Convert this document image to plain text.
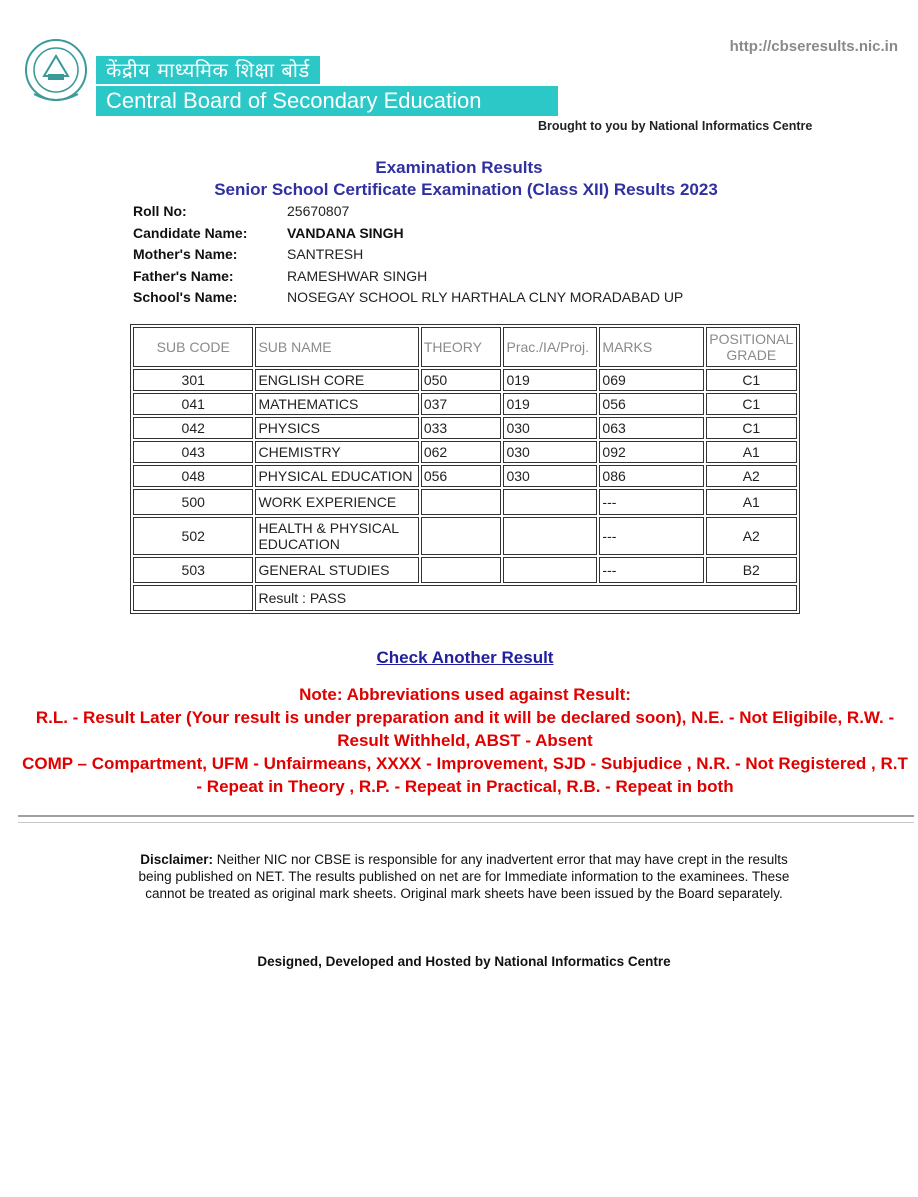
केंद्रीय माध्यमिक शिक्षा बोर्ड
Central Board of Secondary Education
http://cbseresults.nic.in
Brought to you by National Informatics Centre
Examination Results
Senior School Certificate Examination (Class XII) Results 2023
Roll No:	25670807
Candidate Name:	VANDANA SINGH
Mother's Name:	SANTRESH
Father's Name:	RAMESHWAR SINGH
School's Name:	NOSEGAY SCHOOL RLY HARTHALA CLNY MORADABAD UP
SUB CODE	SUB NAME	THEORY	Prac./IA/Proj.	MARKS	POSITIONAL GRADE
301	ENGLISH CORE	050	019	069	C1
041	MATHEMATICS	037	019	056	C1
042	PHYSICS	033	030	063	C1
043	CHEMISTRY	062	030	092	A1
048	PHYSICAL EDUCATION	056	030	086	A2
500	WORK EXPERIENCE			---	A1
502	HEALTH & PHYSICAL EDUCATION			---	A2
503	GENERAL STUDIES			---	B2
	Result : PASS				
Check Another Result
Note: Abbreviations used against Result:
R.L. - Result Later (Your result is under preparation and it will be declared soon), N.E. - Not Eligibile, R.W. - Result Withheld, ABST - Absent
COMP – Compartment, UFM - Unfairmeans, XXXX - Improvement, SJD - Subjudice , N.R. - Not Registered , R.T - Repeat in Theory , R.P. - Repeat in Practical, R.B. - Repeat in both
Disclaimer: Neither NIC nor CBSE is responsible for any inadvertent error that may have crept in the results being published on NET. The results published on net are for Immediate information to the examinees. These cannot be treated as original mark sheets. Original mark sheets have been issued by the Board separately.
Designed, Developed and Hosted by National Informatics Centre
